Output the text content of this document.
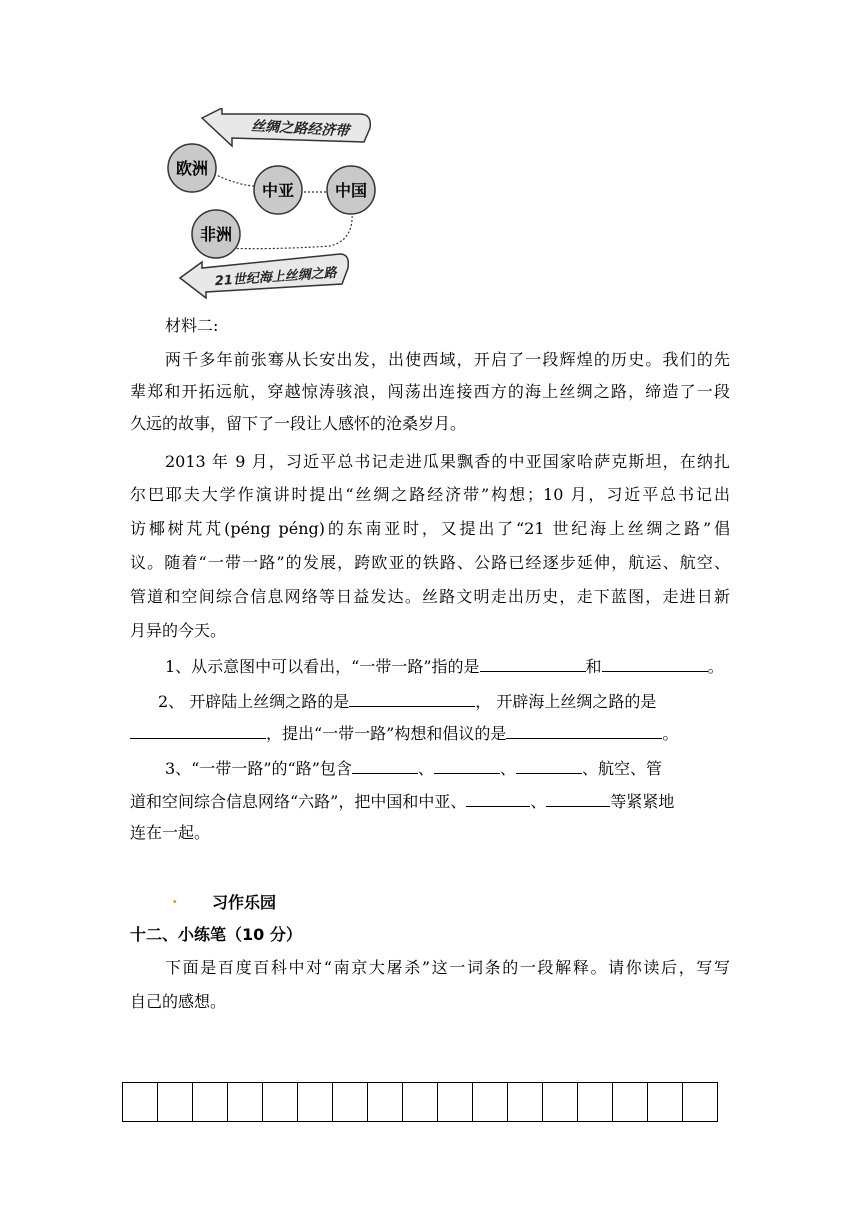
丝绸之路经济带
21世纪海上丝绸之路
欧洲
中亚	中国
非洲
材料二:
两千多年前张骞从长安出发，出使西域，开启了一段辉煌的历史。我们的先
辈郑和开拓远航，穿越惊涛骇浪，闯荡出连接西方的海上丝绸之路，缔造了一段
久远的故事，留下了一段让人感怀的沧桑岁月。
2013 年 9 月，习近平总书记走进瓜果飘香的中亚国家哈萨克斯坦，在纳扎
尔巴耶夫大学作演讲时提出“丝绸之路经济带”构想；10 月，习近平总书记出
访椰树芃芃(péng péng)的东南亚时，又提出了“21 世纪海上丝绸之路”倡
议。随着“一带一路”的发展，跨欧亚的铁路、公路已经逐步延伸，航运、航空、
管道和空间综合信息网络等日益发达。丝路文明走出历史，走下蓝图，走进日新
月异的今天。
1、从示意图中可以看出，“一带一路”指的是	和	。
2、 开辟陆上丝绸之路的是	， 开辟海上丝绸之路的是
，提出“一带一路”构想和倡议的是	。
3、“一带一路”的“路”包含	、	、	、航空、管
道和空间综合信息网络“六路”，把中国和中亚、	、	等紧紧地
连在一起。
. 习作乐园
十二、小练笔（10 分）
下面是百度百科中对“南京大屠杀”这一词条的一段解释。请你读后，写写
自己的感想。
